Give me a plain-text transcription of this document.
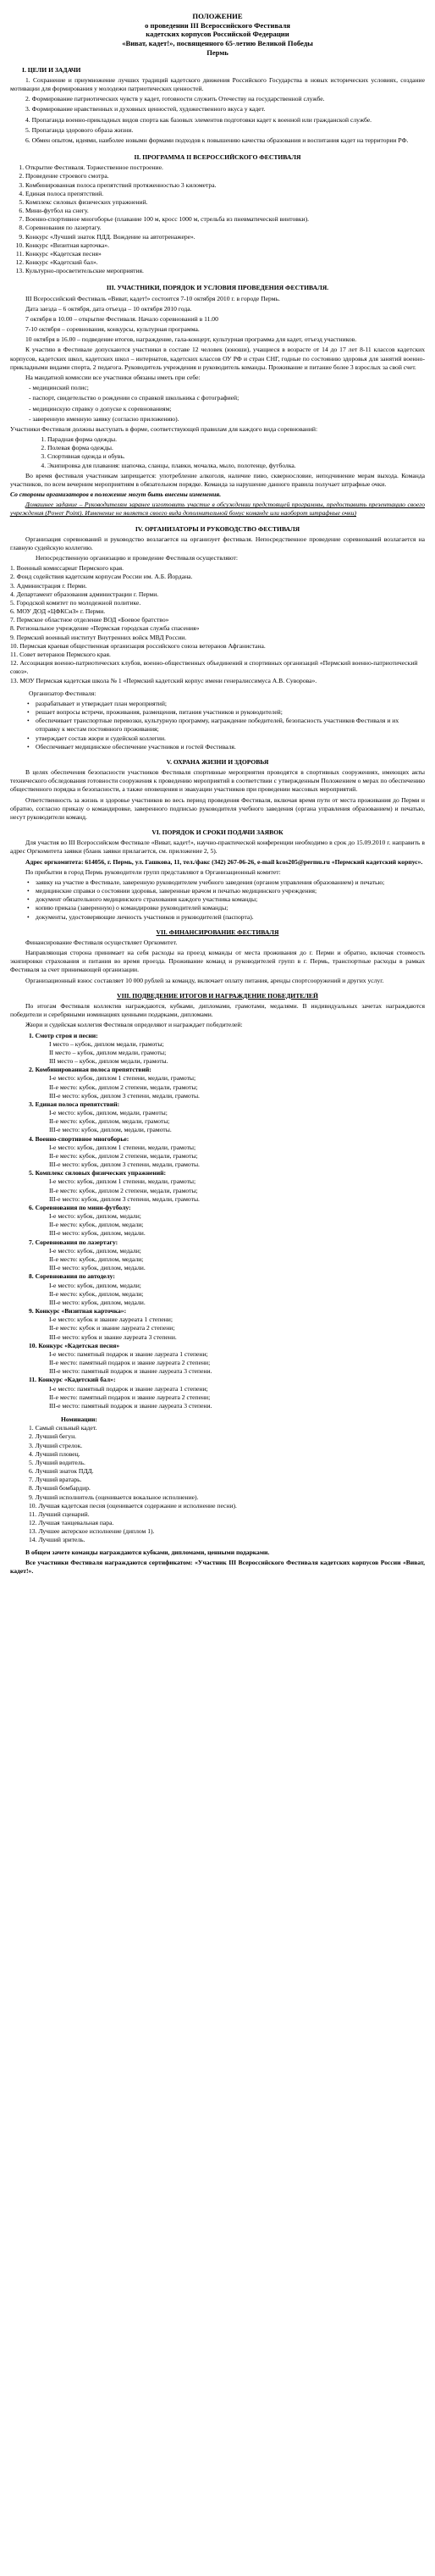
ПОЛОЖЕНИЕ
о проведении III Всероссийского Фестиваля
кадетских корпусов Российской Федерации
«Виват, кадет!», посвященного 65-летию Великой Победы
Пермь
I. ЦЕЛИ И ЗАДАЧИ

1. Сохранение и приумножение лучших традиций кадетского движения Российского Государства в новых исторических условиях, создание мотивации для формирования у молодежи патриотических ценностей.

2. Формирование патриотических чувств у кадет, готовности служить Отечеству на государственной службе.

3. Формирование нравственных и духовных ценностей, художественного вкуса у кадет.

4. Пропаганда военно-прикладных видов спорта как базовых элементов подготовки кадет к военной или гражданской службе.

5. Пропаганда здорового образа жизни.

6. Обмен опытом, идеями, наиболее новыми формами подходов к повышению качества образования и воспитания кадет на территории РФ.

II. ПРОГРАММА II ВСЕРОССИЙСКОГО ФЕСТИВАЛЯ
1. Открытие Фестиваля. Торжественное построение.
2. Проведение строевого смотра.
3. Комбинированная полоса препятствий протяженностью 3 километра.
4. Единая полоса препятствий.
5. Комплекс силовых физических упражнений.
6. Мини-футбол на снегу.
7. Военно-спортивное многоборье (плавание 100 м, кросс 1000 м, стрельба из пневматической винтовки).
8. Соревнования по лазертагу.
9. Конкурс «Лучший знаток ПДД. Вождение на автотренажере».
10. Конкурс «Визитная карточка».
11. Конкурс «Кадетская песня»
12. Конкурс «Кадетский бал».
13. Культурно-просветительские мероприятия.
III. УЧАСТНИКИ, ПОРЯДОК И УСЛОВИЯ ПРОВЕДЕНИЯ ФЕСТИВАЛЯ.

III Всероссийский Фестиваль «Виват, кадет!» состоится 7-10 октября 2010 г. в городе Пермь.

Дата заезда – 6 октября, дата отъезда – 10 октября 2010 года.

7 октября в 10.00 – открытие Фестиваля. Начало соревнований в 11.00

7-10 октября – соревнования, конкурсы, культурная программа.

10 октября в 16.00 – подведение итогов, награждение, гала-концерт, культурная программа для кадет, отъезд участников.

К участию в Фестивале допускаются участники в составе 12 человек (юноши), учащиеся в возрасте от 14 до 17 лет 8-11 классов кадетских корпусов, кадетских школ, кадетских школ – интернатов, кадетских классов ОУ РФ и стран СНГ, годные по состоянию здоровья для занятий военно-прикладными видами спорта, 2 педагога. Руководитель учреждения и руководитель команды. Проживание и питание более 3 взрослых за свой счет.

На мандатной комиссии все участники обязаны иметь при себе:

- медицинский полис;

- паспорт, свидетельство о рождении со справкой школьника с фотографией;

- медицинскую справку о допуске к соревнованиям;

- заверенную именную заявку (согласно приложению).

Участники Фестиваля должны выступать в форме, соответствующей правилам для каждого вида соревнований:

1. Парадная форма одежды.
2. Полевая форма одежды.
3. Спортивная одежда и обувь.
4. Экипировка для плавания: шапочка, сланцы, плавки, мочалка, мыло, полотенце, футболка.

Во время фестиваля участникам запрещается: употребление алкоголя, наличие пиво, сквернословие, неподчинение мерам выхода. Команда участников, по всем вечерним мероприятиям в обязательном порядке. Команда за нарушение данного правила получает штрафные очки.

Со стороны организаторов в положение могут быть внесены изменения.

Домашнее задание – Руководителям заранее изготовить участие в обсуждении предстоящей программы, предоставить презентацию своего учреждения (Power Point). Изменение не является своего вида дополнительной бонус команде или наоборот штрафные очки)

IV. ОРГАНИЗАТОРЫ И РУКОВОДСТВО ФЕСТИВАЛЯ

Организация соревнований и руководство возлагается на организует фестиваля. Непосредственное проведение соревнований возлагается на главную судейскую коллегию.

Непосредственную организацию и проведение Фестиваля осуществляют:

1. Военный комиссариат Пермского края.
2. Фонд содействия кадетским корпусам России им. А.Б. Йордана.
3. Администрация г. Перми.
4. Департамент образования администрации г. Перми.
5. Городской комитет по молодежной политике.
6. МОУ ДОД «ЦФКСиЗ» г. Перми.
7. Пермское областное отделение ВОД «Боевое братство»
8. Региональное учреждение «Пермская городская служба спасения»
9. Пермский военный институт Внутренних войск МВД России.
10. Пермская краевая общественная организация российского союза ветеранов Афганистана.
11. Совет ветеранов Пермского края.
12. Ассоциация военно-патриотических клубов, военно-общественных объединений и спортивных организаций «Пермский военно-патриотический союз».
13. МОУ Пермская кадетская школа № 1 «Пермский кадетский корпус имени генералиссимуса А.В. Суворова».

Организатор Фестиваля:

• разрабатывает и утверждает план мероприятий;
• решает вопросы встречи, проживания, размещения, питания участников и руководителей;
• обеспечивает транспортные перевозки, культурную программу, награждение победителей, безопасность участников Фестиваля и их отправку к местам постоянного проживания;
• утверждает состав жюри и судейской коллегии.
• Обеспечивает медицинское обеспечение участников и гостей Фестиваля.
V. ОХРАНА ЖИЗНИ И ЗДОРОВЬЯ

В целях обеспечения безопасности участников Фестиваля спортивные мероприятия проводятся в спортивных сооружениях, имеющих акты технического обследования готовности сооружения к проведению мероприятий в соответствии с утвержденным Положением о мерах по обеспечению общественного порядка и безопасности, а также оповещения и эвакуации участников при проведении массовых мероприятий.

Ответственность за жизнь и здоровье участников во весь период проведения Фестиваля, включая время пути от места проживания до Перми и обратно, согласно приказу о командировке, заверенного подписью руководителя учебного заведения (органа управления образованием) и печатью, несут руководители команд.

VI. ПОРЯДОК И СРОКИ ПОДАЧИ ЗАЯВОК

Для участия во III Всероссийском Фестивале «Виват, кадет!», научно-практической конференции необходимо в срок до 15.09.2010 г. направить в адрес Оргкомитета заявки (бланк заявки прилагается, см. приложение 2, 5).

Адрес оргкомитета: 614056, г. Пермь, ул. Гашкова, 11, тел./факс (342) 267-06-26, e-mail kcos205@permu.ru «Пермский кадетский корпус».

По прибытии в город Пермь руководители групп представляют в Организационный комитет:

• заявку на участие в Фестивале, заверенную руководителем учебного заведения (органом управления образованием) и печатью;
• медицинские справки о состоянии здоровья, заверенные врачом и печатью медицинского учреждения;
• документ обязательного медицинского страхования каждого участника команды;
• копию приказа (заверенную) о командировке руководителей команды;
• документы, удостоверяющие личность участников и руководителей (паспорта).
VII. ФИНАНСИРОВАНИЕ ФЕСТИВАЛЯ

Финансирование Фестиваля осуществляет Оргкомитет.

Направляющая сторона принимает на себя расходы на проезд команды от места проживания до г. Перми и обратно, включая стоимость экипировки страхования и питания во время проезда. Проживание команд и руководителей групп в г. Пермь, транспортные расходы в рамках Фестиваля за счет принимающей организации.

Организационный взнос составляет 10 000 рублей за команду, включает оплату питания, аренды спортсооружений и других услуг.

VIII. ПОДВЕДЕНИЕ ИТОГОВ И НАГРАЖДЕНИЕ ПОБЕДИТЕЛЕЙ

По итогам Фестиваля коллектив награждаются, кубками, дипломами, грамотами, медалями. В индивидуальных зачетах награждаются победители и серебряными номинациях ценными подарками, дипломами.

Жюри и судейская коллегия Фестиваля определяют и награждает победителей:

1. Смотр строя и песни:
I место – кубок, диплом медали, грамоты;
II место – кубок, диплом медали, грамоты;
III место – кубок, диплом медали, грамоты.
2. Комбинированная полоса препятствий:
I-е место: кубок, диплом 1 степени, медали, грамоты;
II-е место: кубок, диплом 2 степени, медали, грамоты;
III-е место: кубок, диплом 3 степени, медали, грамоты.
3. Единая полоса препятствий:
I-е место: кубок, диплом, медали, грамоты;
II-е место: кубок, диплом, медали, грамоты;
III-е место: кубок, диплом, медали, грамоты.
4. Военно-спортивное многоборье:
I-е место: кубок, диплом 1 степени, медали, грамоты;
II-е место: кубок, диплом 2 степени, медали, грамоты;
III-е место: кубок, диплом 3 степени, медали, грамоты.
5. Комплекс силовых физических упражнений:
I-е место: кубок, диплом 1 степени, медали, грамоты;
II-е место: кубок, диплом 2 степени, медали, грамоты;
III-е место: кубок, диплом 3 степени, медали, грамоты.
6. Соревнования по мини-футболу:
I-е место: кубок, диплом, медали;
II-е место: кубок, диплом, медали;
III-е место: кубок, диплом, медали.
7. Соревнования по лазертагу:
I-е место: кубок, диплом, медали;
II-е место: кубок, диплом, медали;
III-е место: кубок, диплом, медали.
8. Соревнования по автоделу:
I-е место: кубок, диплом, медали;
II-е место: кубок, диплом, медали;
III-е место: кубок, диплом, медали.
9. Конкурс «Визитная карточка»:
I-е место: кубок и звание лауреата 1 степени;
II-е место: кубок и звание лауреата 2 степени;
III-е место: кубок и звание лауреата 3 степени.
10. Конкурс «Кадетская песня»
I-е место: памятный подарок и звание лауреата 1 степени;
II-е место: памятный подарок и звание лауреата 2 степени;
III-е место: памятный подарок и звание лауреата 3 степени.
11. Конкурс «Кадетский бал»:
I-е место: памятный подарок и звание лауреата 1 степени;
II-е место: памятный подарок и звание лауреата 2 степени;
III-е место: памятный подарок и звание лауреата 3 степени.
Номинации:
1. Самый сильный кадет.
2. Лучший бегун.
3. Лучший стрелок.
4. Лучший пловец.
5. Лучший водитель.
6. Лучший знаток ПДД.
7. Лучший вратарь.
8. Лучший бомбардир.
9. Лучший исполнитель (оценивается вокальное исполнение).
10. Лучшая кадетская песня (оценивается содержание и исполнение песни).
11. Лучший сценарий.
12. Лучшая танцевальная пара.
13. Лучшее актерское исполнение (диплом 1).
14. Лучший зритель.

В общем зачете команды награждаются кубками, дипломами, ценными подарками.

Все участники Фестиваля награждаются сертификатом: «Участник III Всероссийского Фестиваля кадетских корпусов России «Виват, кадет!».
